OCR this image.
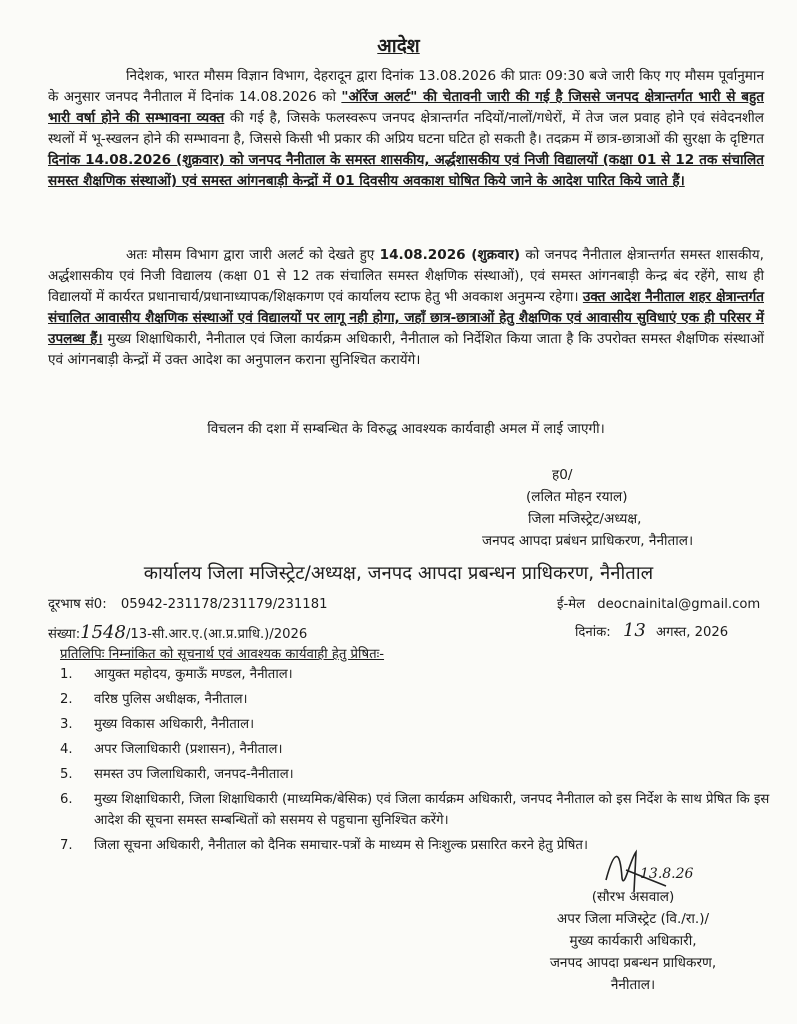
आदेश

निदेशक, भारत मौसम विज्ञान विभाग, देहरादून द्वारा दिनांक 13.08.2026 की प्रातः 09:30 बजे जारी किए गए मौसम पूर्वानुमान के अनुसार जनपद नैनीताल में दिनांक 14.08.2026 को "ऑरेंज अलर्ट" की चेतावनी जारी की गई है जिससे जनपद क्षेत्रान्तर्गत भारी से बहुत भारी वर्षा होने की सम्भावना व्यक्त की गई है, जिसके फलस्वरूप जनपद क्षेत्रान्तर्गत नदियों/नालों/गधेरों, में तेज जल प्रवाह होने एवं संवेदनशील स्थलों में भू-स्खलन होने की सम्भावना है, जिससे किसी भी प्रकार की अप्रिय घटना घटित हो सकती है। तदक्रम में छात्र-छात्राओं की सुरक्षा के दृष्टिगत दिनांक 14.08.2026 (शुक्रवार) को जनपद नैनीताल के समस्त शासकीय, अर्द्धशासकीय एवं निजी विद्यालयों (कक्षा 01 से 12 तक संचालित समस्त शैक्षणिक संस्थाओं) एवं समस्त आंगनबाड़ी केन्द्रों में 01 दिवसीय अवकाश घोषित किये जाने के आदेश पारित किये जाते हैं।

अतः मौसम विभाग द्वारा जारी अलर्ट को देखते हुए 14.08.2026 (शुक्रवार) को जनपद नैनीताल क्षेत्रान्तर्गत समस्त शासकीय, अर्द्धशासकीय एवं निजी विद्यालय (कक्षा 01 से 12 तक संचालित समस्त शैक्षणिक संस्थाओं), एवं समस्त आंगनबाड़ी केन्द्र बंद रहेंगे, साथ ही विद्यालयों में कार्यरत प्रधानाचार्य/प्रधानाध्यापक/शिक्षकगण एवं कार्यालय स्टाफ हेतु भी अवकाश अनुमन्य रहेगा। उक्त आदेश नैनीताल शहर क्षेत्रान्तर्गत संचालित आवासीय शैक्षणिक संस्थाओं एवं विद्यालयों पर लागू नही होगा, जहाँ छात्र-छात्राओं हेतु शैक्षणिक एवं आवासीय सुविधाएं एक ही परिसर में उपलब्ध हैं। मुख्य शिक्षाधिकारी, नैनीताल एवं जिला कार्यक्रम अधिकारी, नैनीताल को निर्देशित किया जाता है कि उपरोक्त समस्त शैक्षणिक संस्थाओं एवं आंगनबाड़ी केन्द्रों में उक्त आदेश का अनुपालन कराना सुनिश्चित करायेंगे।

विचलन की दशा में सम्बन्धित के विरुद्ध आवश्यक कार्यवाही अमल में लाई जाएगी।
ह0/
(ललित मोहन रयाल)
जिला मजिस्ट्रेट/अध्यक्ष,
जनपद आपदा प्रबंधन प्राधिकरण, नैनीताल।
कार्यालय जिला मजिस्ट्रेट/अध्यक्ष, जनपद आपदा प्रबन्धन प्राधिकरण, नैनीताल
दूरभाष सं0: 05942-231178/231179/231181	ई-मेल deocnainital@gmail.com
संख्या:1548/13-सी.आर.ए.(आ.प्र.प्राधि.)/2026	दिनांक: 13 अगस्त, 2026
प्रतिलिपिः निम्नांकित को सूचनार्थ एवं आवश्यक कार्यवाही हेतु प्रेषितः-
1. आयुक्त महोदय, कुमाऊँ मण्डल, नैनीताल।
2. वरिष्ठ पुलिस अधीक्षक, नैनीताल।
3. मुख्य विकास अधिकारी, नैनीताल।
4. अपर जिलाधिकारी (प्रशासन), नैनीताल।
5. समस्त उप जिलाधिकारी, जनपद-नैनीताल।
6. मुख्य शिक्षाधिकारी, जिला शिक्षाधिकारी (माध्यमिक/बेसिक) एवं जिला कार्यक्रम अधिकारी, जनपद नैनीताल को इस निर्देश के साथ प्रेषित कि इस आदेश की सूचना समस्त सम्बन्धितों को ससमय से पहुचाना सुनिश्चित करेंगे।
7. जिला सूचना अधिकारी, नैनीताल को दैनिक समाचार-पत्रों के माध्यम से निःशुल्क प्रसारित करने हेतु प्रेषित।
13.8.26
(सौरभ असवाल)
अपर जिला मजिस्ट्रेट (वि./रा.)/
मुख्य कार्यकारी अधिकारी,
जनपद आपदा प्रबन्धन प्राधिकरण,
नैनीताल।
